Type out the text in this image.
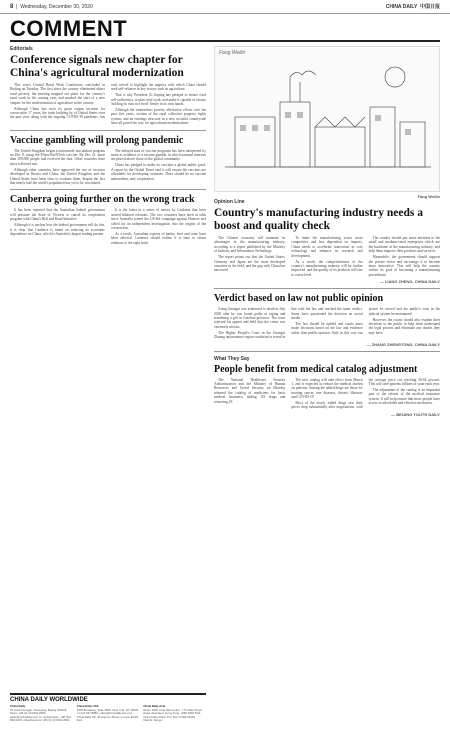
8  |  Wednesday, December 30, 2020	CHINA DAILY 中国日报
COMMENT
Editorials
Conference signals new chapter for China's agricultural modernization

This year's Central Rural Work Conference concluded in Beijing on Tuesday. The first since the country eliminated abject rural poverty, the meeting mapped out plans for the country's rural work in the coming year, and marked the start of a new chapter for the modernization of agriculture in the country.

Although China has seen its grain output increase for consecutive 17 years, the trade bullying by of United States over the past year, along with the ongoing COVID-19 pandemic, has only served to highlight the urgency with which China should seek self-reliance in key sectors such as agriculture.

That is why President Xi Jinping has pledged to ensure food self-sufficiency, to plan rural work, and make it capable of always 'holding its own rice bowl' firmly in its own hands.

Although the tremendous poverty alleviation efforts over the past five years, victims of the rural collective property rights system, and an earnings structure in a new socialist countryside have all paved the way for agricultural modernization.

Vaccine gambling will prolong pandemic

The United Kingdom began a nationwide inoculation program on Dec 8, using the Pfizer-BioNTech vaccine. By Dec 21, more than 500,000 people had received the shot. Other countries have since followed suit.

Although other countries have approved the use of vaccines developed in Russia and China, the United Kingdom and the United States have been slow to evaluate them, despite the fact that nearly half the world's population has yet to be vaccinated.

The delayed start of vaccine programs has been interpreted by some as evidence of a vaccine gamble, in which national interests are placed above those of the global community.

China has pledged to make its vaccines a global public good. A report by the Global Times said it will ensure the vaccines are affordable for developing countries. There should be no vaccine nationalism, only cooperation.

Canberra going further on the wrong track

It has been reported that the Australian federal government will pressure the State of Victoria to cancel its cooperation program with China's Belt and Road Initiative.

Although it is unclear how the federal government will do this, it is clear that Canberra is intent on reducing its economic dependence on China, which is Australia's largest trading partner.

It is the latest in a series of moves by Canberra that have soured bilateral relations. The two countries have been at odds since Australia joined the US-led campaign against Huawei and called for an independent investigation into the origins of the coronavirus.

As a result, Australian exports of barley, beef and wine have been affected. Canberra should realize it is time to return relations to the right track.

Fang Weilin
Fang Weilin
Opinion Line
Country's manufacturing industry needs a boost and quality check

The Chinese economy will maintain its advantages in the manufacturing industry, according to a report published by the Ministry of Industry and Information Technology.

The report points out that the United States, Germany and Japan are the most developed countries in the field, and the gap with China has narrowed.

To make the manufacturing sector more competitive and less dependent on imports, China needs to accelerate innovation in core technology and enhance its research and development.

As a result, the competitiveness of the country's manufacturing industry will be further improved, and the quality of its products will rise to a new level.

The country should pay more attention to the small and medium-sized enterprises which are the backbone of the manufacturing industry, and help them improve their products and services.

Meanwhile, the government should support the private sector and encourage it to become more innovative. This will help the country realize its goal of becoming a manufacturing powerhouse.

— LIANG ZHENG, CHINA DAILY
Verdict based on law not public opinion

Xiang Guangxi was sentenced to death in July 2020 after he was found guilty of raping and murdering a girl in Guizhou province. The court rejected his appeal and held that the crime was extremely serious.

The Higher People's Court in the Guangxi Zhuang autonomous region conducted a retrial in line with the law and reached the same verdict. Some have questioned the decision on social media.

The law should be upheld and courts must make decisions based on the law and evidence rather than public opinion. Only in this way can justice be served and the public's trust in the judicial system be maintained.

However, the courts should also explain their decisions to the public to help them understand the legal process and eliminate any doubts they may have.

— ZHANG ZHENGTONG, CHINA DAILY
What They Say
People benefit from medical catalog adjustment

The National Healthcare Security Administration and the Ministry of Human Resources and Social Security on Monday released the catalog of medicines for basic medical insurance, adding 119 drugs and removing 29.

The new catalog will take effect from March 1, and is expected to reduce the medical burden on patients. Among the added drugs are those for treating cancer, rare diseases, chronic illnesses and COVID-19.

Most of the newly added drugs saw their prices drop substantially after negotiations, with the average price cut reaching 50.64 percent. This will save patients billions of yuan each year.

The adjustment of the catalog is an important part of the reform of the medical insurance system. It will help ensure that more people have access to affordable and effective medicines.

— BEIJING YOUTH DAILY
CHINA DAILY WORLDWIDE
China Daily
15 Huixin Dongjie, Chaoyang, Beijing 100029. News: +86 (0) 10 6491-8366. editor@chinadaily.com.cn. Subscription: +86 400-699-0203. Advertisement: +86 (0) 10 6491-8631
China Daily USA
1500 Broadway, Suite 2800, New York, NY 10036. +1 212 537 8888. editor@chinadailyusa.com. China Daily UK: 90 Cannon Street, London EC4N 6HA
China Daily Asia
Room 1818, Hing Wai Centre, 7 Tin Wan Praya Road, Aberdeen, Hong Kong. +852 2518 5111. China Daily Africa: P.O. Box 27281-00100, Nairobi, Kenya
